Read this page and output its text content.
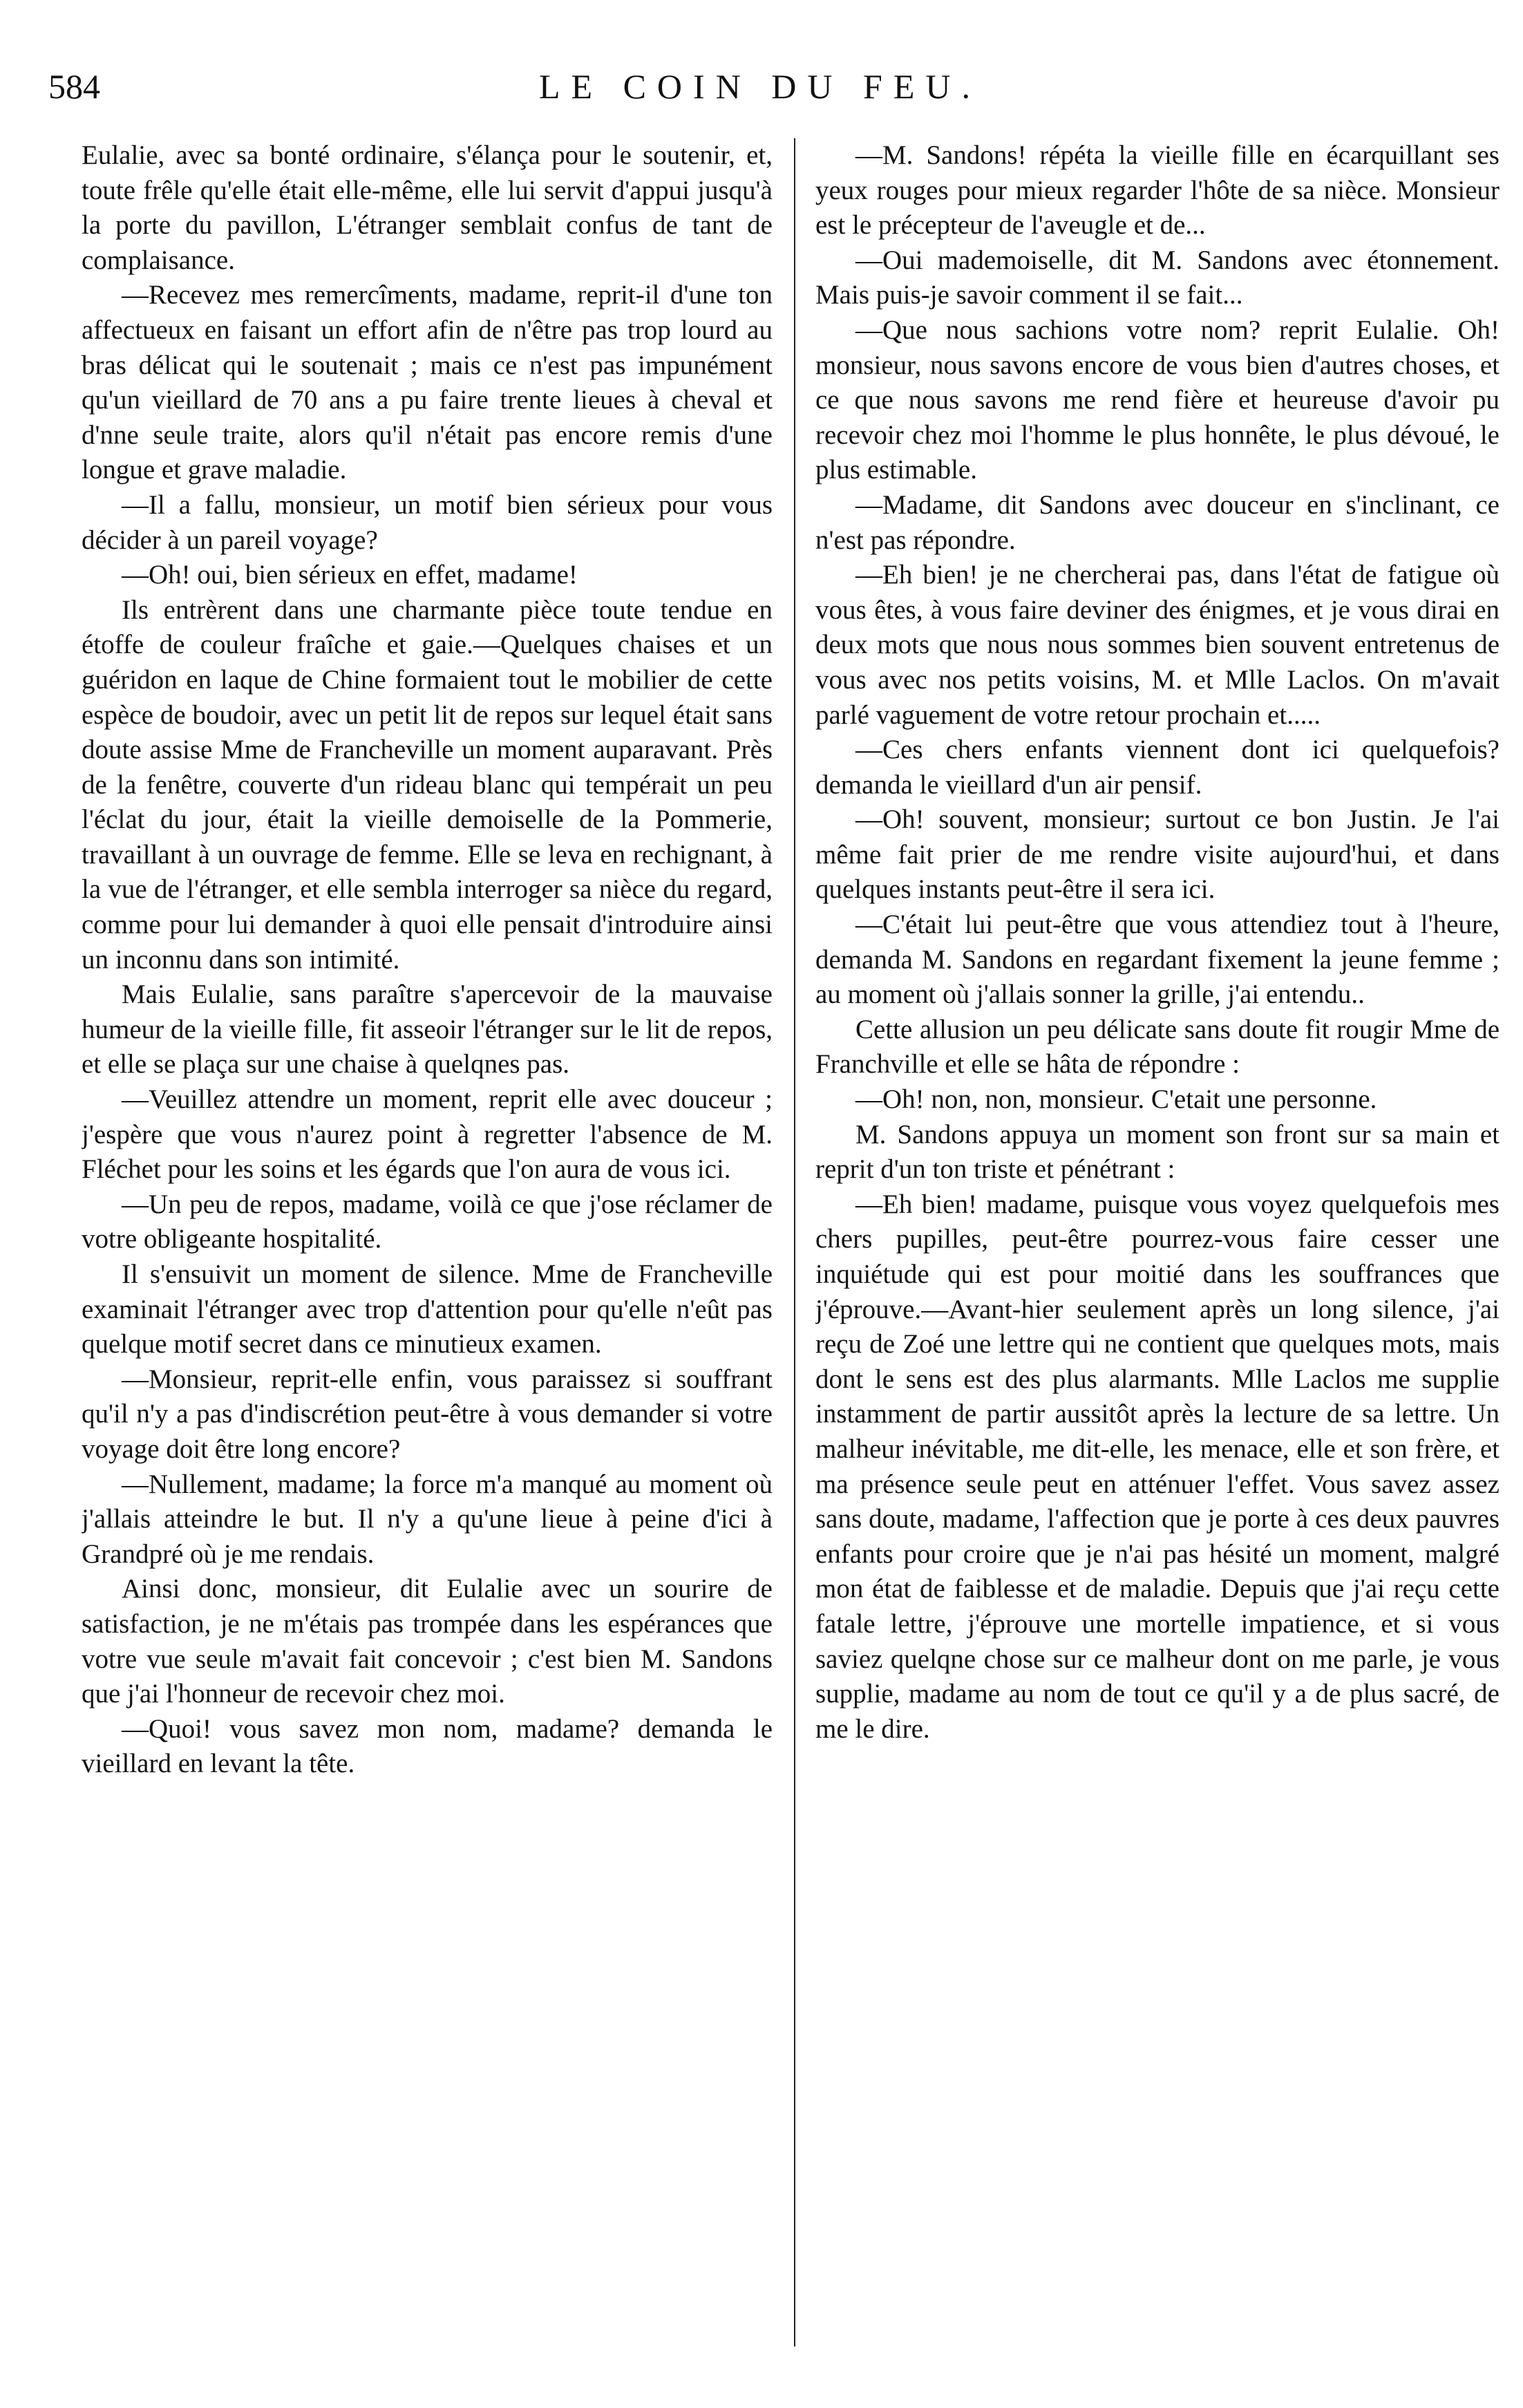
584	LE COIN DU FEU.

Eulalie, avec sa bonté ordinaire, s'élança pour le soutenir, et, toute frêle qu'elle était elle-même, elle lui servit d'appui jusqu'à la porte du pavillon, L'étranger semblait confus de tant de complaisance.

—Recevez mes remercîments, madame, reprit-il d'une ton affectueux en faisant un effort afin de n'être pas trop lourd au bras délicat qui le soutenait ; mais ce n'est pas impunément qu'un vieillard de 70 ans a pu faire trente lieues à cheval et d'nne seule traite, alors qu'il n'était pas encore remis d'une longue et grave maladie.

—Il a fallu, monsieur, un motif bien sérieux pour vous décider à un pareil voyage?

—Oh! oui, bien sérieux en effet, madame!

Ils entrèrent dans une charmante pièce toute tendue en étoffe de couleur fraîche et gaie.—Quelques chaises et un guéridon en laque de Chine formaient tout le mobilier de cette espèce de boudoir, avec un petit lit de repos sur lequel était sans doute assise Mme de Francheville un moment auparavant. Près de la fenêtre, couverte d'un rideau blanc qui tempérait un peu l'éclat du jour, était la vieille demoiselle de la Pommerie, travaillant à un ouvrage de femme. Elle se leva en rechignant, à la vue de l'étranger, et elle sembla interroger sa nièce du regard, comme pour lui demander à quoi elle pensait d'introduire ainsi un inconnu dans son intimité.

Mais Eulalie, sans paraître s'apercevoir de la mauvaise humeur de la vieille fille, fit asseoir l'étranger sur le lit de repos, et elle se plaça sur une chaise à quelqnes pas.

—Veuillez attendre un moment, reprit elle avec douceur ; j'espère que vous n'aurez point à regretter l'absence de M. Fléchet pour les soins et les égards que l'on aura de vous ici.

—Un peu de repos, madame, voilà ce que j'ose réclamer de votre obligeante hospitalité.

Il s'ensuivit un moment de silence. Mme de Francheville examinait l'étranger avec trop d'attention pour qu'elle n'eût pas quelque motif secret dans ce minutieux examen.

—Monsieur, reprit-elle enfin, vous paraissez si souffrant qu'il n'y a pas d'indiscrétion peut-être à vous demander si votre voyage doit être long encore?

—Nullement, madame; la force m'a manqué au moment où j'allais atteindre le but. Il n'y a qu'une lieue à peine d'ici à Grandpré où je me rendais.

Ainsi donc, monsieur, dit Eulalie avec un sourire de satisfaction, je ne m'étais pas trompée dans les espérances que votre vue seule m'avait fait concevoir ; c'est bien M. Sandons que j'ai l'honneur de recevoir chez moi.

—Quoi! vous savez mon nom, madame? demanda le vieillard en levant la tête.

—M. Sandons! répéta la vieille fille en écarquillant ses yeux rouges pour mieux regarder l'hôte de sa nièce. Monsieur est le précepteur de l'aveugle et de...

—Oui mademoiselle, dit M. Sandons avec étonnement. Mais puis-je savoir comment il se fait...

—Que nous sachions votre nom? reprit Eulalie. Oh! monsieur, nous savons encore de vous bien d'autres choses, et ce que nous savons me rend fière et heureuse d'avoir pu recevoir chez moi l'homme le plus honnête, le plus dévoué, le plus estimable.

—Madame, dit Sandons avec douceur en s'inclinant, ce n'est pas répondre.

—Eh bien! je ne chercherai pas, dans l'état de fatigue où vous êtes, à vous faire deviner des énigmes, et je vous dirai en deux mots que nous nous sommes bien souvent entretenus de vous avec nos petits voisins, M. et Mlle Laclos. On m'avait parlé vaguement de votre retour prochain et.....

—Ces chers enfants viennent dont ici quelquefois? demanda le vieillard d'un air pensif.

—Oh! souvent, monsieur; surtout ce bon Justin. Je l'ai même fait prier de me rendre visite aujourd'hui, et dans quelques instants peut-être il sera ici.

—C'était lui peut-être que vous attendiez tout à l'heure, demanda M. Sandons en regardant fixement la jeune femme ; au moment où j'allais sonner la grille, j'ai entendu..

Cette allusion un peu délicate sans doute fit rougir Mme de Franchville et elle se hâta de répondre :

—Oh! non, non, monsieur. C'etait une personne.

M. Sandons appuya un moment son front sur sa main et reprit d'un ton triste et pénétrant :

—Eh bien! madame, puisque vous voyez quelquefois mes chers pupilles, peut-être pourrez-vous faire cesser une inquiétude qui est pour moitié dans les souffrances que j'éprouve.—Avant-hier seulement après un long silence, j'ai reçu de Zoé une lettre qui ne contient que quelques mots, mais dont le sens est des plus alarmants. Mlle Laclos me supplie instamment de partir aussitôt après la lecture de sa lettre. Un malheur inévitable, me dit-elle, les menace, elle et son frère, et ma présence seule peut en atténuer l'effet. Vous savez assez sans doute, madame, l'affection que je porte à ces deux pauvres enfants pour croire que je n'ai pas hésité un moment, malgré mon état de faiblesse et de maladie. Depuis que j'ai reçu cette fatale lettre, j'éprouve une mortelle impatience, et si vous saviez quelqne chose sur ce malheur dont on me parle, je vous supplie, madame au nom de tout ce qu'il y a de plus sacré, de me le dire.
